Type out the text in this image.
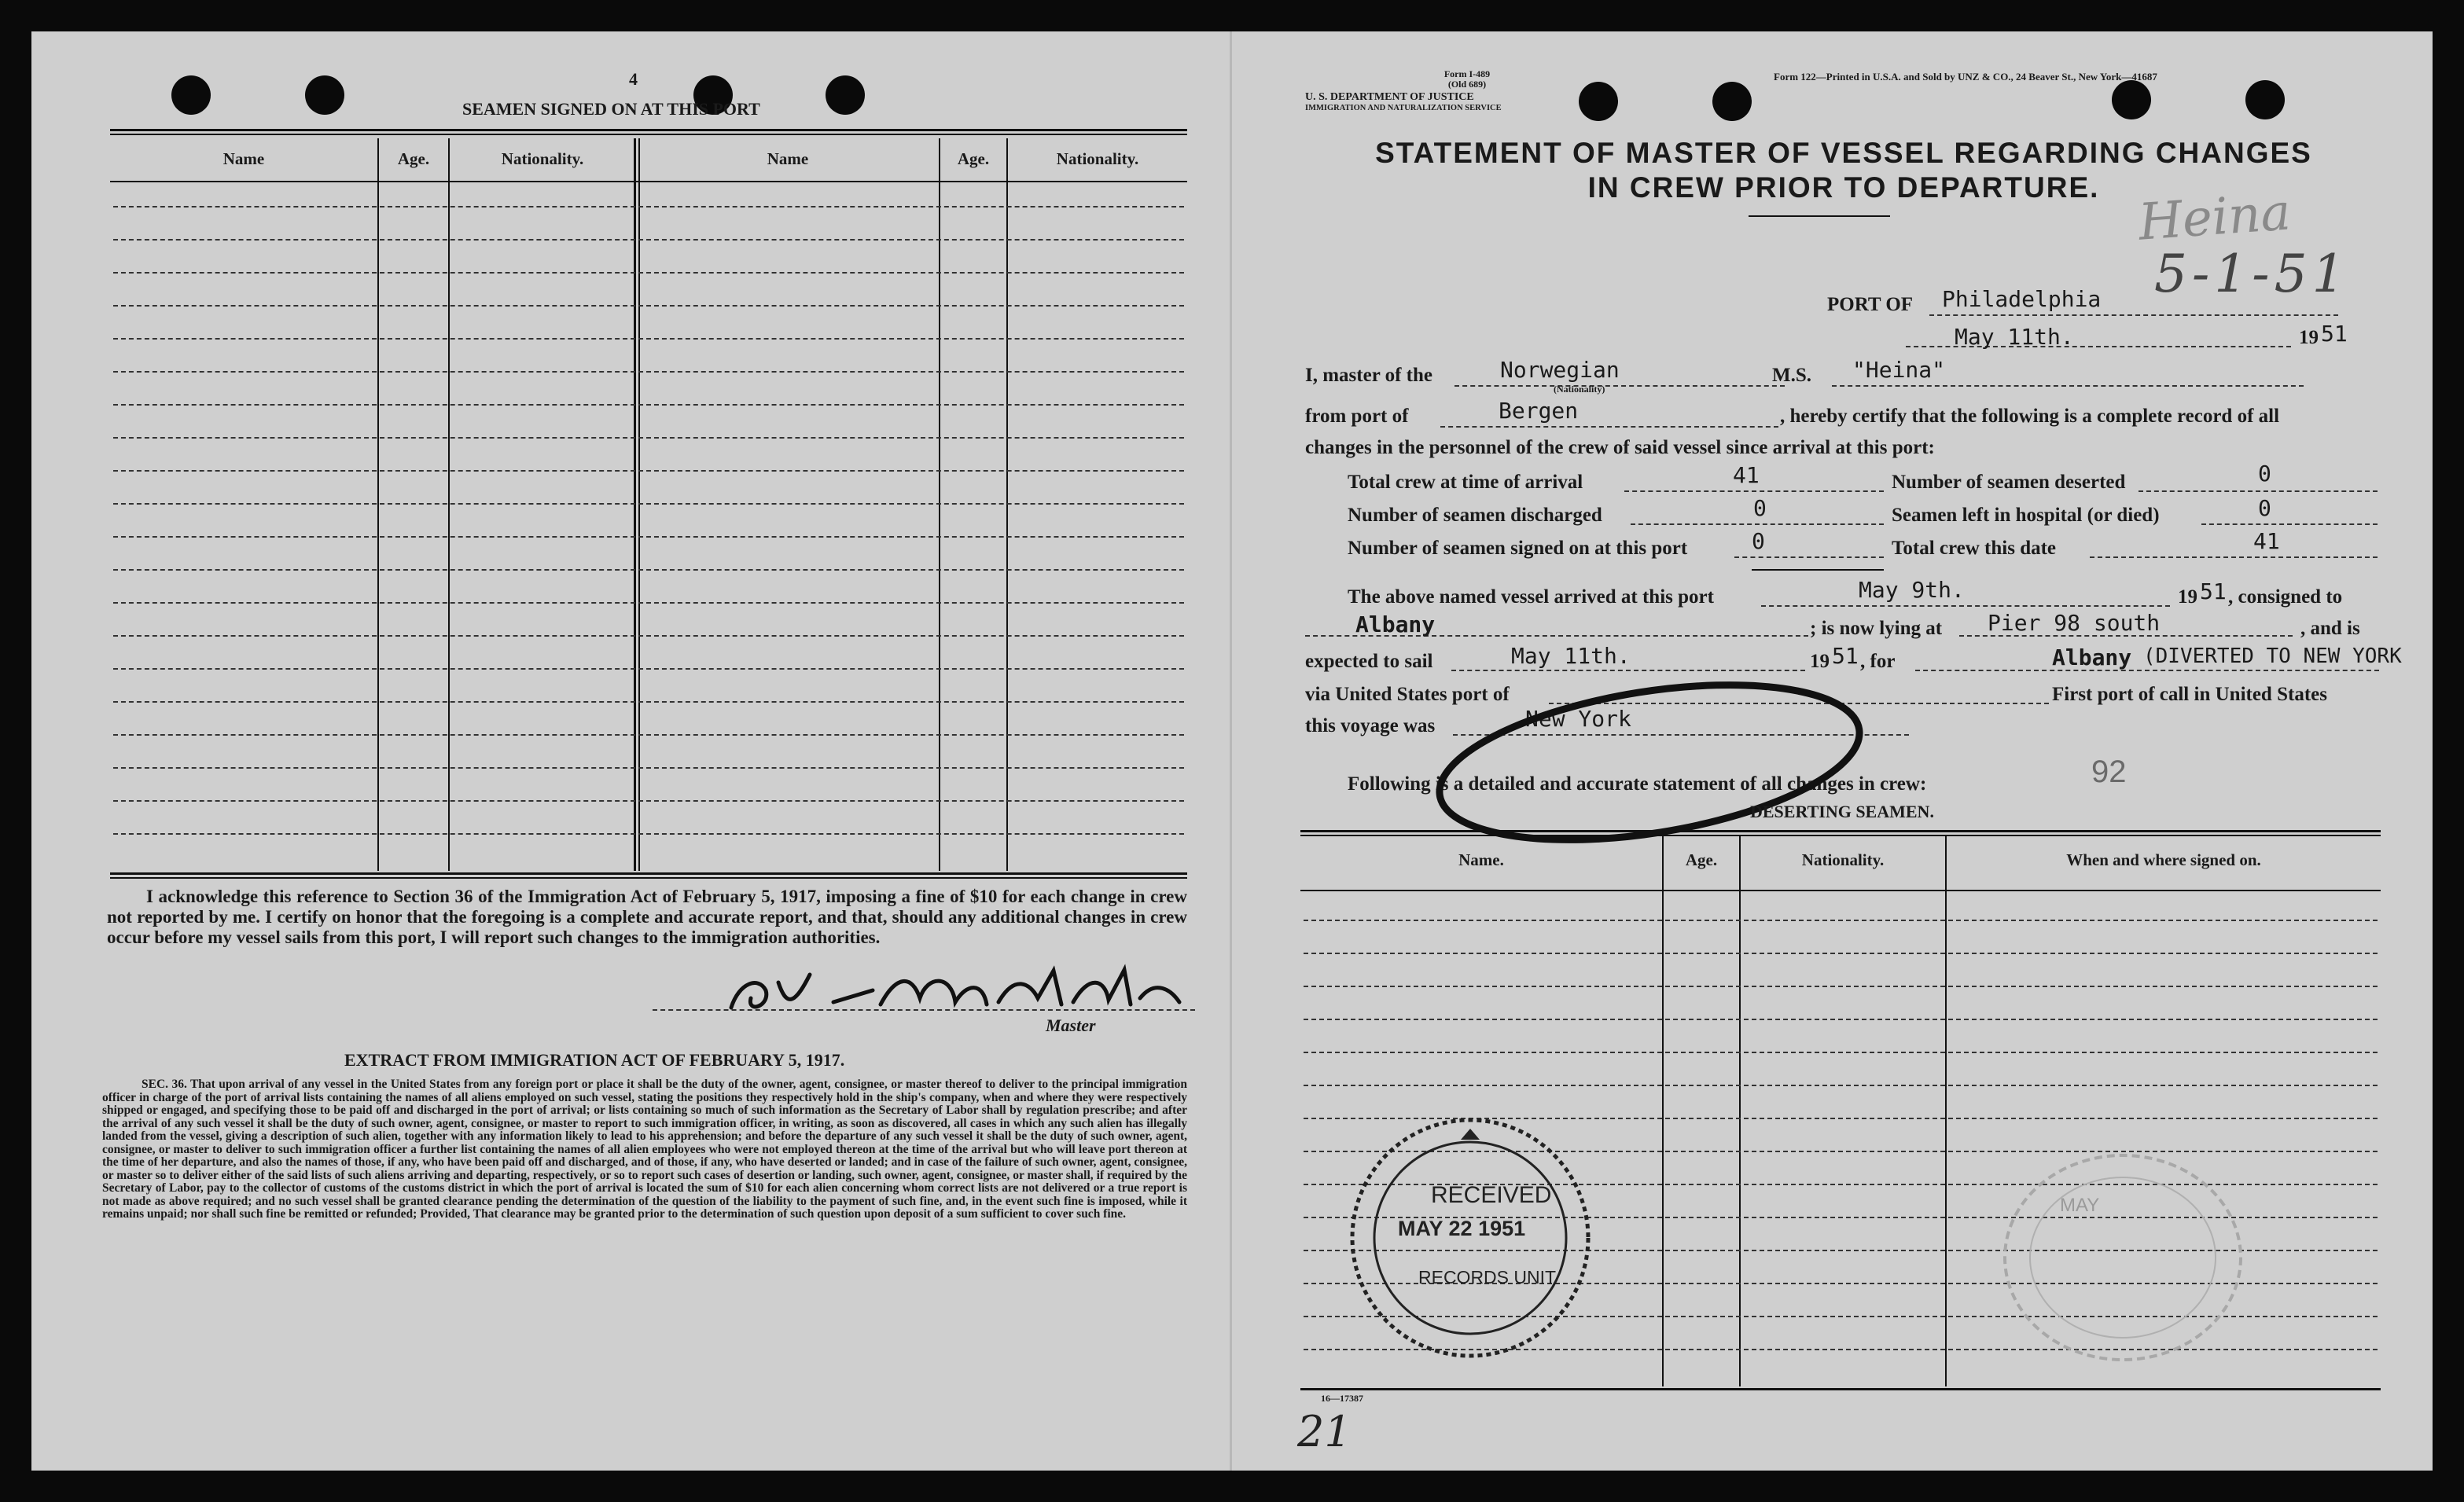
4
SEAMEN SIGNED ON AT THIS PORT
Name	Age.	Nationality.	Name	Age.	Nationality.
I acknowledge this reference to Section 36 of the Immigration Act of February 5, 1917, imposing a fine of $10 for each change in crew not reported by me. I certify on honor that the foregoing is a complete and accurate report, and that, should any additional changes in crew occur before my vessel sails from this port, I will report such changes to the immigration authorities.
Master
EXTRACT FROM IMMIGRATION ACT OF FEBRUARY 5, 1917.
SEC. 36. That upon arrival of any vessel in the United States from any foreign port or place it shall be the duty of the owner, agent, consignee, or master thereof to deliver to the principal immigration officer in charge of the port of arrival lists containing the names of all aliens employed on such vessel, stating the positions they respectively hold in the ship's company, when and where they were respectively shipped or engaged, and specifying those to be paid off and discharged in the port of arrival; or lists containing so much of such information as the Secretary of Labor shall by regulation prescribe; and after the arrival of any such vessel it shall be the duty of such owner, agent, consignee, or master to report to such immigration officer, in writing, as soon as discovered, all cases in which any such alien has illegally landed from the vessel, giving a description of such alien, together with any information likely to lead to his apprehension; and before the departure of any such vessel it shall be the duty of such owner, agent, consignee, or master to deliver to such immigration officer a further list containing the names of all alien employees who were not employed thereon at the time of the arrival but who will leave port thereon at the time of her departure, and also the names of those, if any, who have been paid off and discharged, and of those, if any, who have deserted or landed; and in case of the failure of such owner, agent, consignee, or master so to deliver either of the said lists of such aliens arriving and departing, respectively, or so to report such cases of desertion or landing, such owner, agent, consignee, or master shall, if required by the Secretary of Labor, pay to the collector of customs of the customs district in which the port of arrival is located the sum of $10 for each alien concerning whom correct lists are not delivered or a true report is not made as above required; and no such vessel shall be granted clearance pending the determination of the question of the liability to the payment of such fine, and, in the event such fine is imposed, while it remains unpaid; nor shall such fine be remitted or refunded; Provided, That clearance may be granted prior to the determination of such question upon deposit of a sum sufficient to cover such fine.
Form I-489
(Old 689)
U. S. DEPARTMENT OF JUSTICE
IMMIGRATION AND NATURALIZATION SERVICE
Form 122—Printed in U.S.A. and Sold by UNZ & CO., 24 Beaver St., New York—41687
STATEMENT OF MASTER OF VESSEL REGARDING CHANGES
IN CREW PRIOR TO DEPARTURE. Heina
5-1-51
PORT OF Philadelphia
May 11th.	19 51
I, master of the	Norwegian
(Nationality)
M.S. "Heina"
from port of	Bergen	, hereby certify that the following is a complete record of all
changes in the personnel of the crew of said vessel since arrival at this port:
Total crew at time of arrival	41	Number of seamen deserted	0
Number of seamen discharged	0	Seamen left in hospital (or died)	0
Number of seamen signed on at this port	0	Total crew this date	41
The above named vessel arrived at this port	May 9th.	19 51 , consigned to
Albany	; is now lying at Pier 98 south	, and is
expected to sail	May 11th.	19 51 , for	Albany (DIVERTED TO NEW YORK
via United States port of	-	First port of call in United States
this voyage was	New York
Following is a detailed and accurate statement of all changes in crew:	92
DESERTING SEAMEN.
Name.	Age.	Nationality.	When and where signed on.
RECEIVED
MAY 22 1951
RECORDS UNIT
MAY
16—17387
21
